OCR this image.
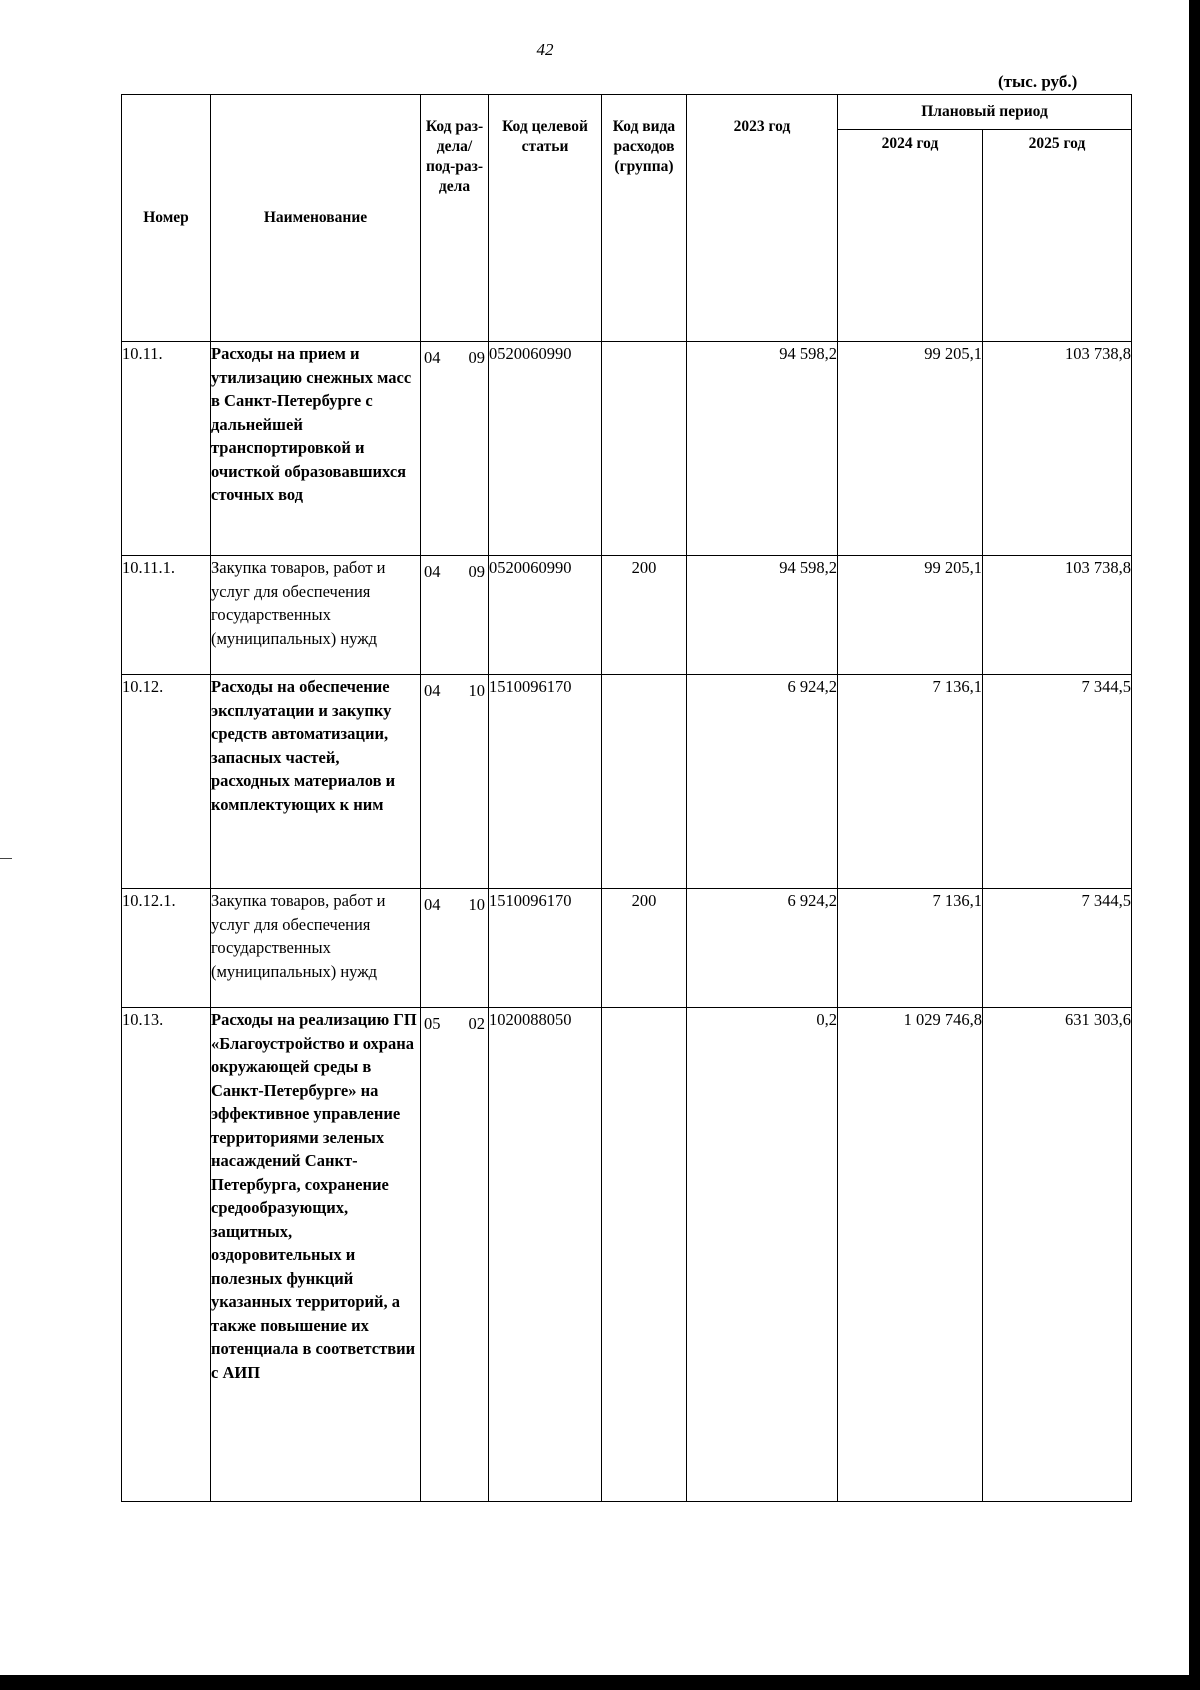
42
(тыс. руб.)
Номер	Наименование	Код раз-дела/ под-раз-дела	Код целевой статьи	Код вида расходов (группа)	2023 год	Плановый период	
						2024 год	2025 год
10.11.	Расходы на прием и утилизацию снежных масс в Санкт-Петербурге с дальнейшей транспортировкой и очисткой образовавшихся сточных вод	04 09	0520060990		94 598,2	99 205,1	103 738,8
10.11.1.	Закупка товаров, работ и услуг для обеспечения государственных (муниципальных) нужд	04 09	0520060990	200	94 598,2	99 205,1	103 738,8
10.12.	Расходы на обеспечение эксплуатации и закупку средств автоматизации, запасных частей, расходных материалов и комплектующих к ним	04 10	1510096170		6 924,2	7 136,1	7 344,5
10.12.1.	Закупка товаров, работ и услуг для обеспечения государственных (муниципальных) нужд	04 10	1510096170	200	6 924,2	7 136,1	7 344,5
10.13.	Расходы на реализацию ГП «Благоустройство и охрана окружающей среды в Санкт-Петербурге» на эффективное управление территориями зеленых насаждений Санкт-Петербурга, сохранение средообразующих, защитных, оздоровительных и полезных функций указанных территорий, а также повышение их потенциала в соответствии с АИП	05 02	1020088050		0,2	1 029 746,8	631 303,6
